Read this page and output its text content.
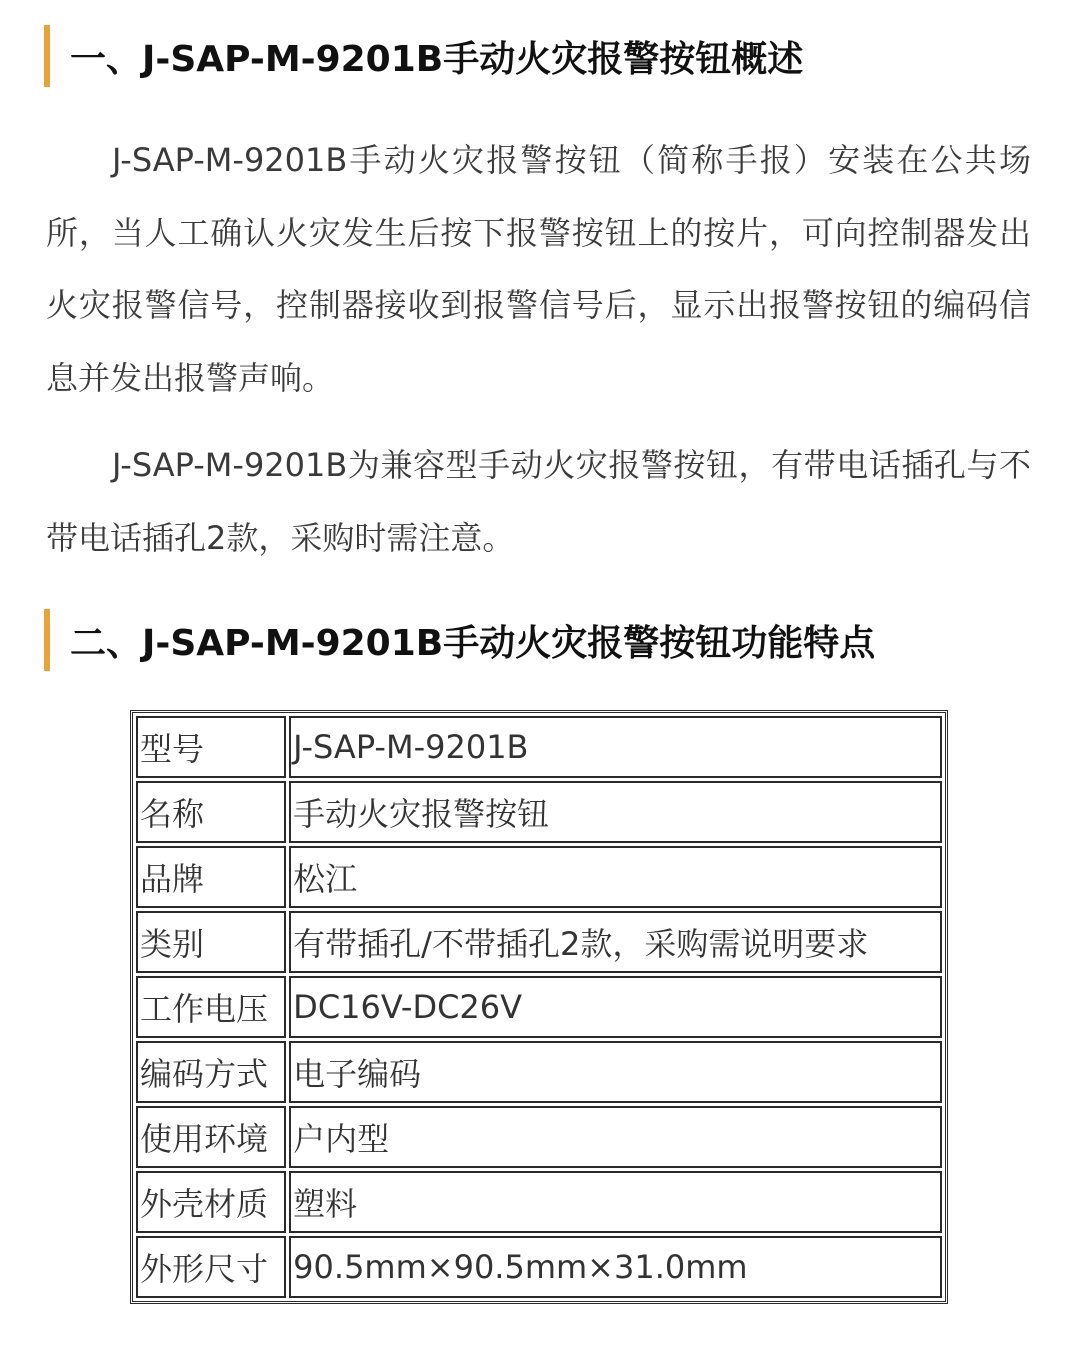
一、J-SAP-M-9201B手动火灾报警按钮概述

J-SAP-M-9201B手动火灾报警按钮（简称手报）安装在公共场所，当人工确认火灾发生后按下报警按钮上的按片，可向控制器发出火灾报警信号，控制器接收到报警信号后，显示出报警按钮的编码信息并发出报警声响。

J-SAP-M-9201B为兼容型手动火灾报警按钮，有带电话插孔与不带电话插孔2款，采购时需注意。

二、J-SAP-M-9201B手动火灾报警按钮功能特点
型号	J-SAP-M-9201B
名称	手动火灾报警按钮
品牌	松江
类别	有带插孔/不带插孔2款，采购需说明要求
工作电压	DC16V-DC26V
编码方式	电子编码
使用环境	户内型
外壳材质	塑料
外形尺寸	90.5mm×90.5mm×31.0mm
